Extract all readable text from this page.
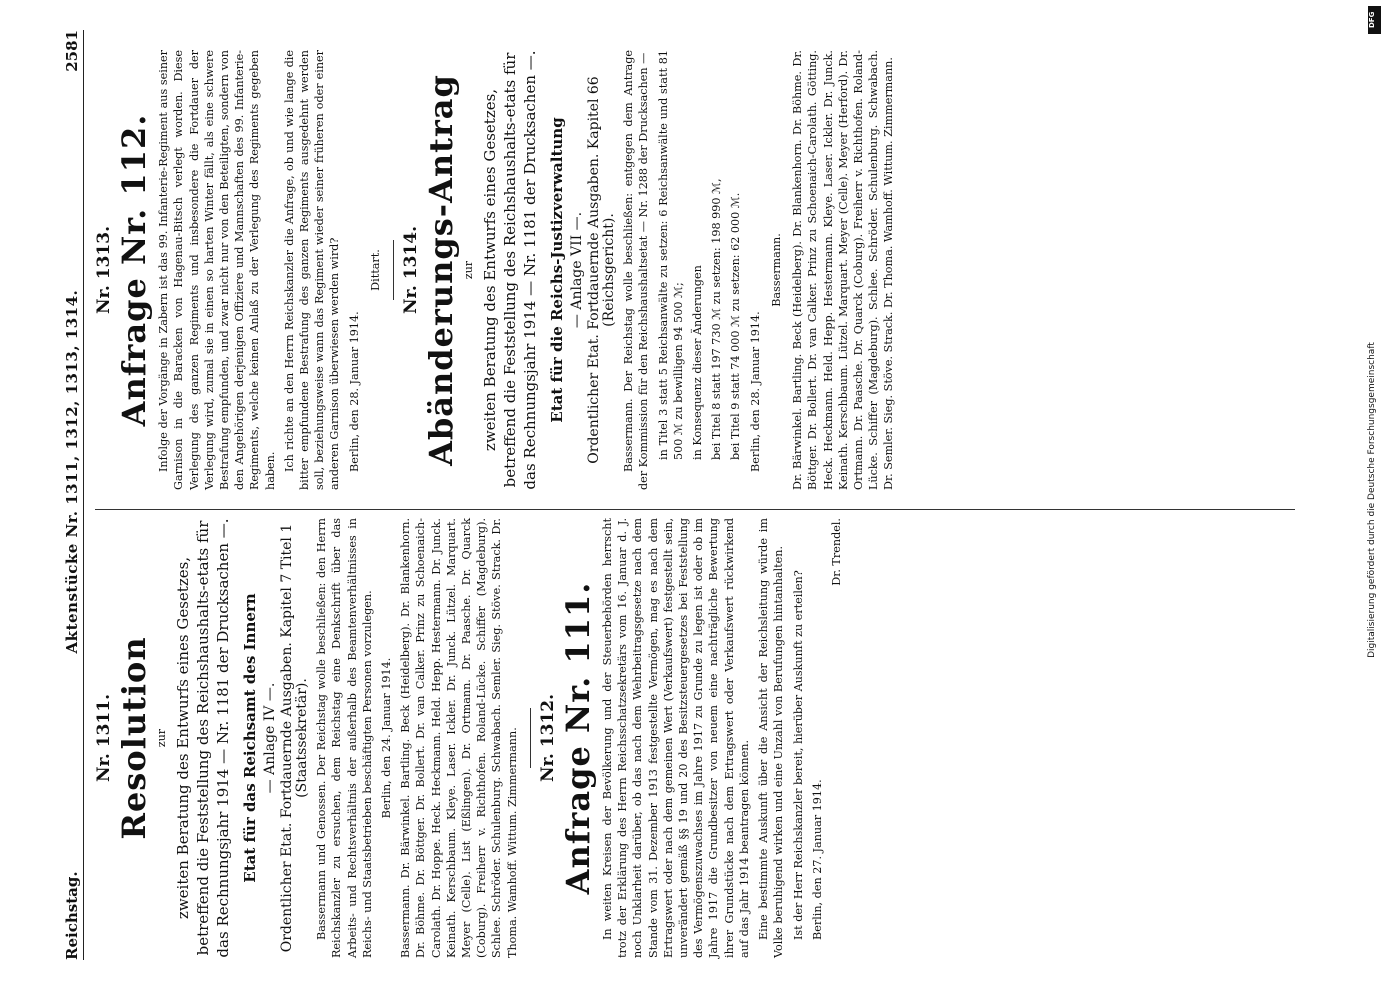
Reichstag.
Aktenstücke Nr. 1311, 1312, 1313, 1314.
2581
Nr. 1311. Resolution zur zweiten Beratung des Entwurfs eines Gesetzes, betreffend die Feststellung des Reichshaushalts-etats für das Rechnungsjahr 1914 — Nr. 1181 der Drucksachen —. Etat für das Reichsamt des Innern — Anlage IV —. Ordentlicher Etat. Fortdauernde Ausgaben. Kapitel 7 Titel 1 (Staatssekretär). Bassermann und Genossen. Der Reichstag wolle beschließen: den Herrn Reichskanzler zu ersuchen, dem Reichstag eine Denkschrift über das Arbeits- und Rechtsverhältnis der außerhalb des Beamtenverhältnisses in Reichs- und Staatsbetrieben beschäftigten Personen vorzulegen. Berlin, den 24. Januar 1914. Bassermann. Dr. Bärwinkel. Bartling. Beck (Heidelberg). Dr. Blankenhorn. Dr. Böhme. Dr. Böttger. Dr. Bollert. Dr. van Calker. Prinz zu Schoenaich-Carolath. Dr. Hoppe. Heck. Heckmann. Held. Hepp. Hestermann. Dr. Junck. Keinath. Kerschbaum. Kleye. Laser. Ickler. Dr. Junck. Lützel. Marquart. Meyer (Celle). List (Eßlingen). Dr. Ortmann. Dr. Paasche. Dr. Quarck (Coburg). Freiherr v. Richthofen. Roland-Lücke. Schiffer (Magdeburg). Schlee. Schröder. Schulenburg. Schwabach. Semler. Sieg. Stöve. Strack. Dr. Thoma. Wamhoff. Wittum. Zimmermann. Nr. 1312. Anfrage Nr. 111. In weiten Kreisen der Bevölkerung und der Steuerbehörden herrscht trotz der Erklärung des Herrn Reichsschatzsekretärs vom 16. Januar d. J. noch Unklarheit darüber, ob das nach dem Wehrbeitragsgesetze nach dem Stande vom 31. Dezember 1913 festgestellte Vermögen, mag es nach dem Ertragswert oder nach dem gemeinen Wert (Verkaufswert) festgestellt sein, unverändert gemäß §§ 19 und 20 des Besitzsteuergesetzes bei Feststellung des Vermögenszuwachses im Jahre 1917 zu Grunde zu legen ist oder ob im Jahre 1917 die Grundbesitzer von neuem eine nachträgliche Bewertung ihrer Grundstücke nach dem Ertragswert oder Verkaufswert rückwirkend auf das Jahr 1914 beantragen können. Eine bestimmte Auskunft über die Ansicht der Reichsleitung würde im Volke beruhigend wirken und eine Unzahl von Berufungen hintanhalten. Ist der Herr Reichskanzler bereit, hierüber Auskunft zu erteilen? Berlin, den 27. Januar 1914.

Dr. Trendel.

Nr. 1313. Anfrage Nr. 112. Infolge der Vorgänge in Zabern ist das 99. Infanterie-Regiment aus seiner Garnison in die Baracken von Hagenau-Bitsch verlegt worden. Diese Verlegung des ganzen Regiments und insbesondere die Fortdauer der Verlegung wird, zumal sie in einen so harten Winter fällt, als eine schwere Bestrafung empfunden, und zwar nicht nur von den Beteiligten, sondern von den Angehörigen derjenigen Offiziere und Mannschaften des 99. Infanterie-Regiments, welche keinen Anlaß zu der Verlegung des Regiments gegeben haben. Ich richte an den Herrn Reichskanzler die Anfrage, ob und wie lange die bitter empfundene Bestrafung des ganzen Regiments ausgedehnt werden soll, beziehungsweise wann das Regiment wieder seiner früheren oder einer anderen Garnison überwiesen werden wird? Berlin, den 28. Januar 1914.

Dittart. Nr. 1314. Abänderungs-Antrag zur zweiten Beratung des Entwurfs eines Gesetzes, betreffend die Feststellung des Reichshaushalts-etats für das Rechnungsjahr 1914 — Nr. 1181 der Drucksachen —. Etat für die Reichs-Justizverwaltung — Anlage VII —. Ordentlicher Etat. Fortdauernde Ausgaben. Kapitel 66 (Reichsgericht). Bassermann. Der Reichstag wolle beschließen: entgegen dem Antrage der Kommission für den Reichshaushaltsetat — Nr. 1288 der Drucksachen — in Titel 3 statt 5 Reichsanwälte zu setzen: 6 Reichsanwälte und statt 81 500 ℳ zu bewilligen 94 500 ℳ; in Konsequenz dieser Änderungen bei Titel 8 statt 197 730 ℳ zu setzen: 198 990 ℳ, bei Titel 9 statt 74 000 ℳ zu setzen: 62 000 ℳ. Berlin, den 28. Januar 1914.

Bassermann. Dr. Bärwinkel. Bartling. Beck (Heidelberg). Dr. Blankenhorn. Dr. Böhme. Dr. Böttger. Dr. Bollert. Dr. van Calker. Prinz zu Schoenaich-Carolath. Götting. Heck. Heckmann. Held. Hepp. Hestermann. Kleye. Laser. Ickler. Dr. Junck. Keinath. Kerschbaum. Lützel. Marquart. Meyer (Celle). Meyer (Herford). Dr. Ortmann. Dr. Paasche. Dr. Quarck (Coburg). Freiherr v. Richthofen. Roland-Lücke. Schiffer (Magdeburg). Schlee. Schröder. Schulenburg. Schwabach. Dr. Semler. Sieg. Stöve. Strack. Dr. Thoma. Wamhoff. Wittum. Zimmermann.

Digitalisierung gefördert durch die Deutsche Forschungsgemeinschaft
DFG
